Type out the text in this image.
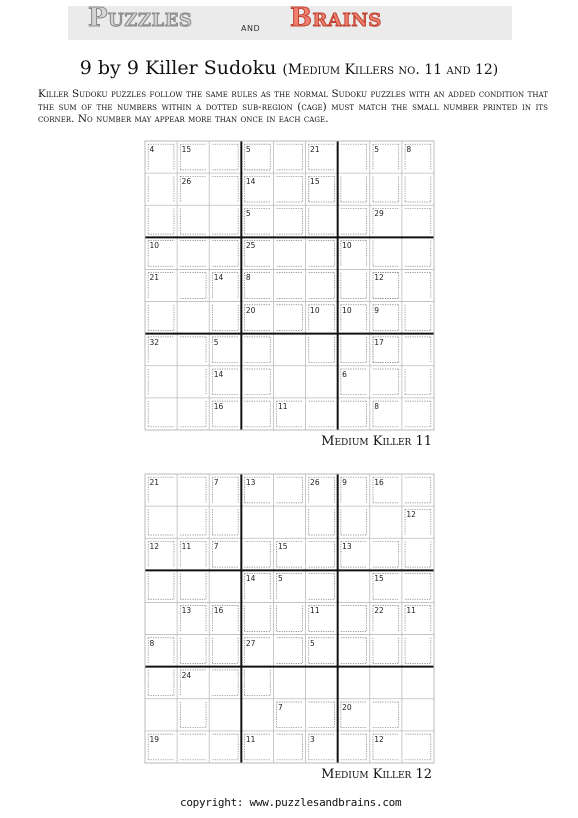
Puzzles	and Brains
9 by 9 Killer Sudoku (Medium Killers no. 11 and 12)
Killer Sudoku puzzles follow the same rules as the normal Sudoku puzzles with an added condition that the sum of the numbers within a dotted sub-region (cage) must match the small number printed in its corner. No number may appear more than once in each cage.
4	15	5	21	5	8
26	14	15
5	29
10	25	10
21	14	8	12
20	10	10	9
32	5	17
14	6
16	11	8
Medium Killer 11
21	7	13	26	9	16
12
12	11	7	15	13
14	5	15
13	16	11	22	11
8	27	5
24
7	20
19	11	3	12
Medium Killer 12
copyright: www.puzzlesandbrains.com
